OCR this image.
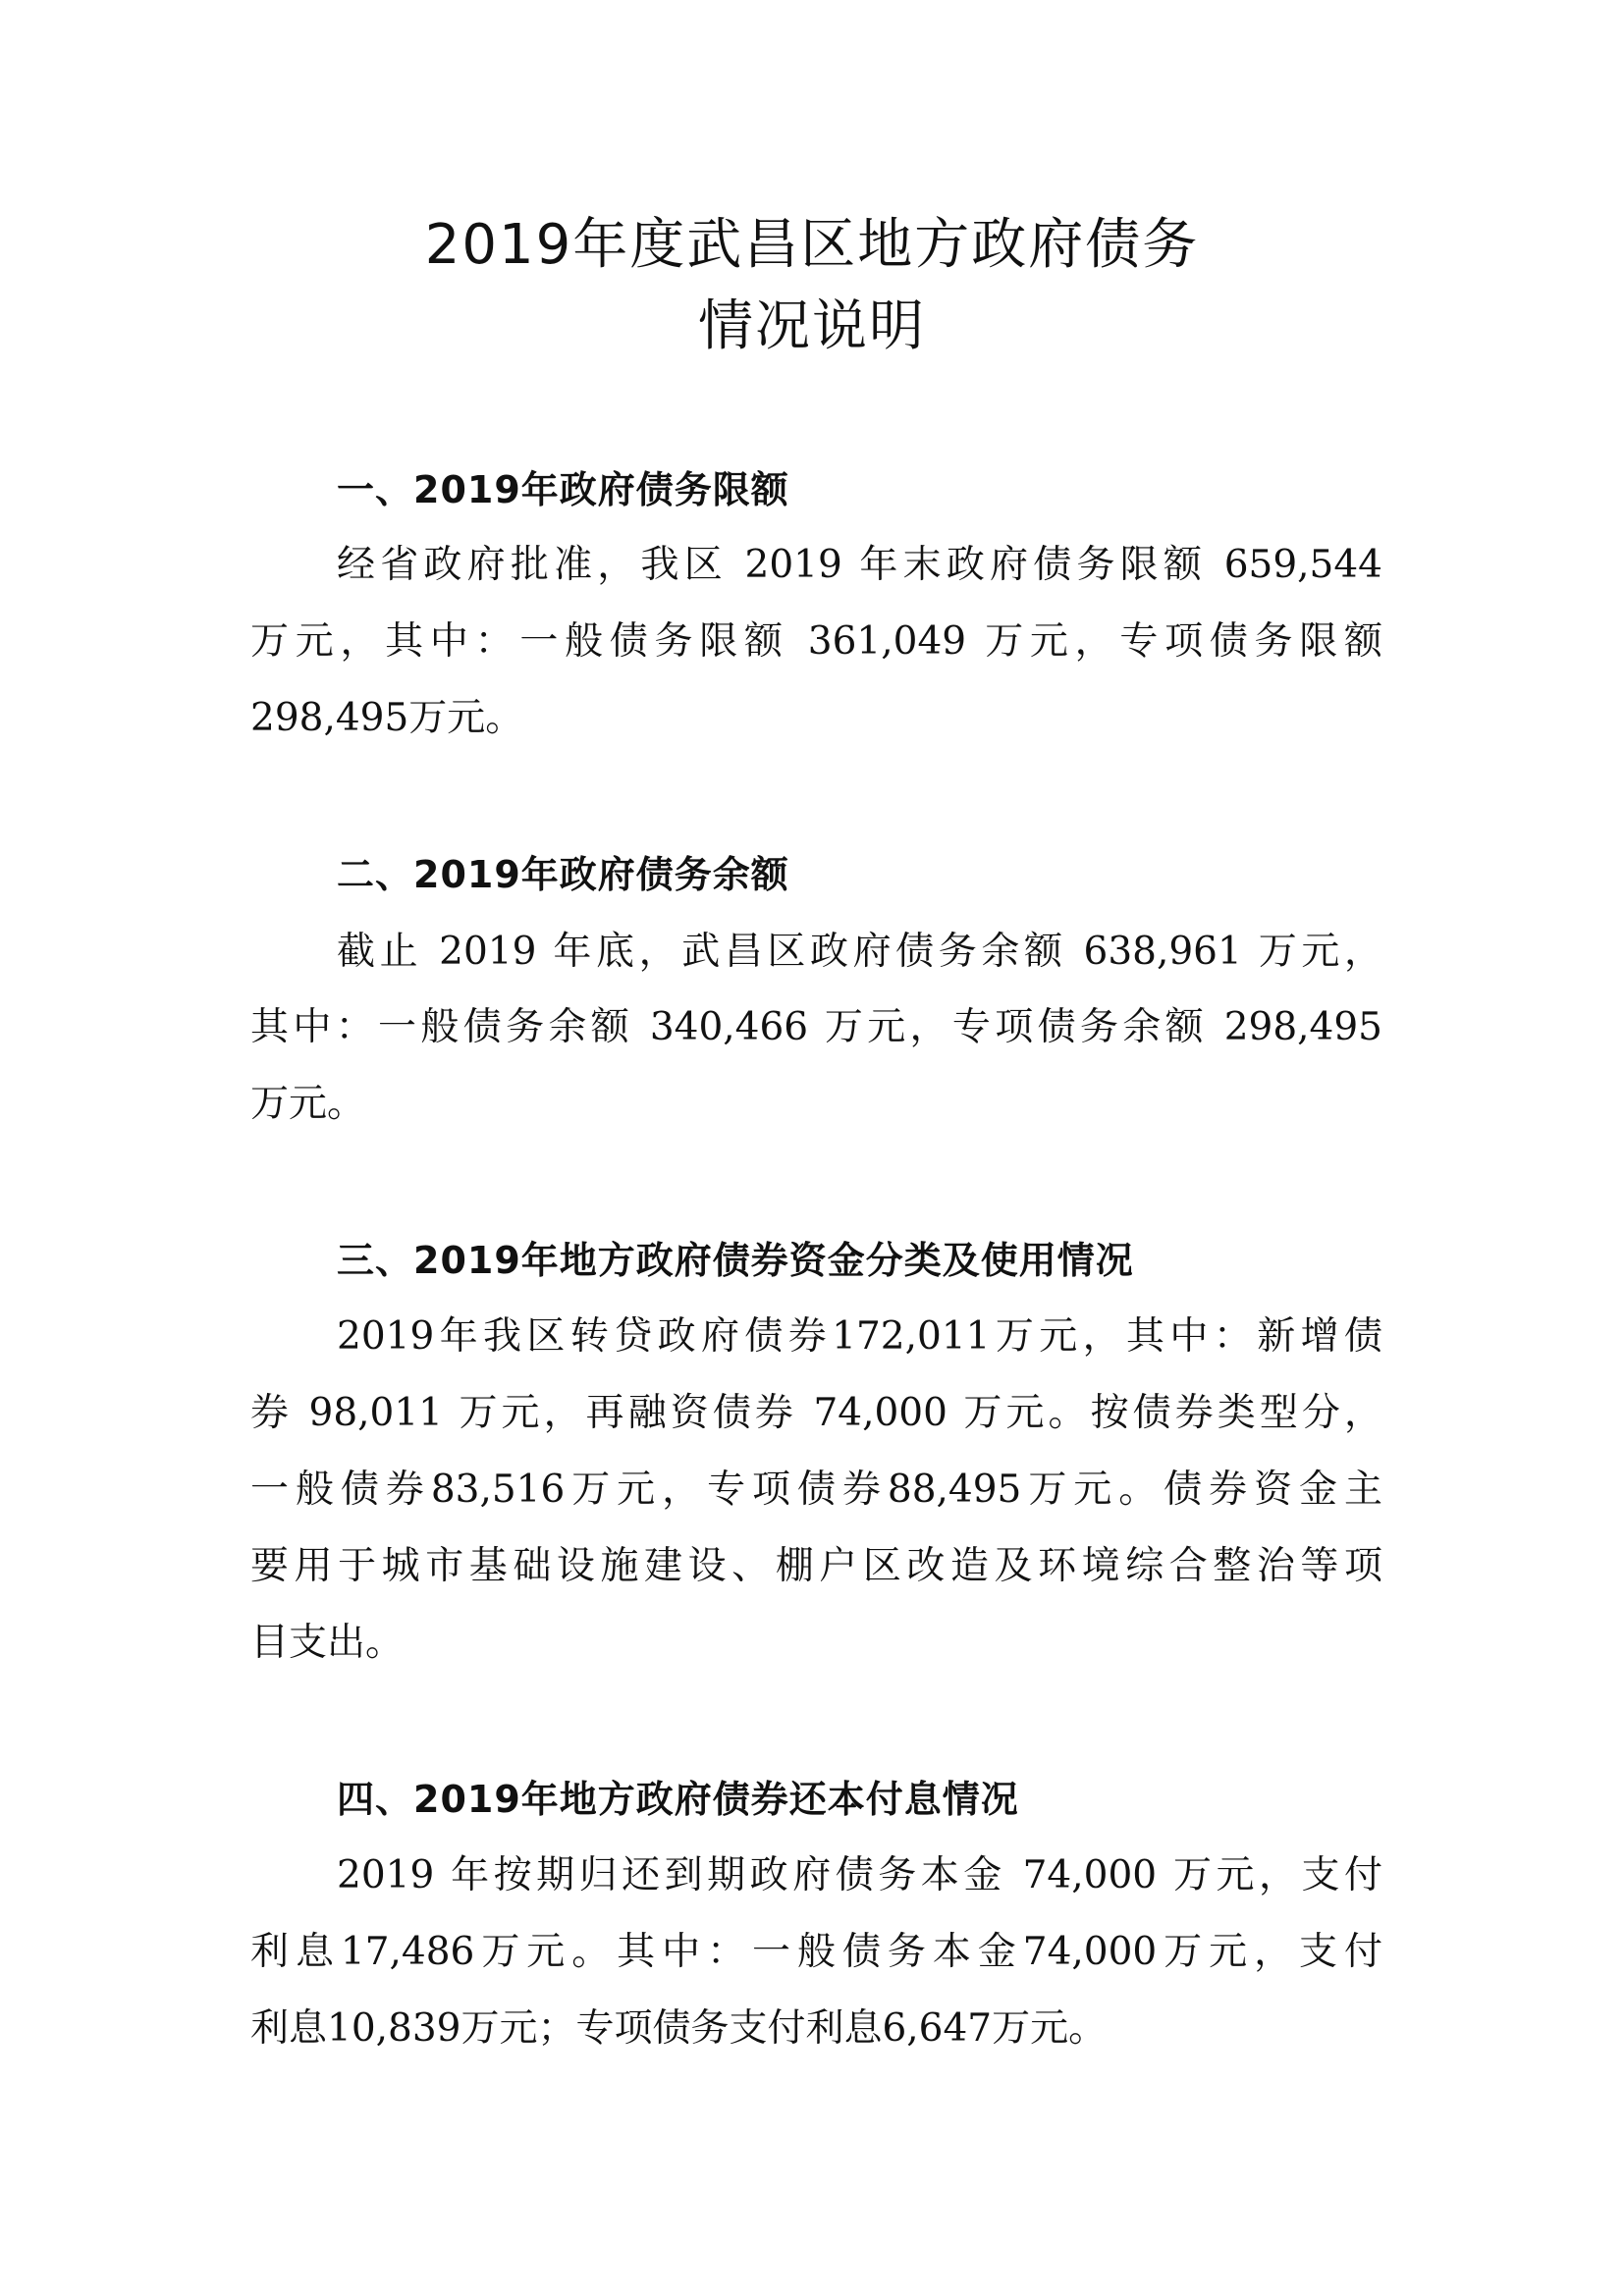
2019年度武昌区地方政府债务
情况说明
一、2019年政府债务限额
经省政府批准，我区 2019 年末政府债务限额 659,544
万元，其中：一般债务限额 361,049 万元，专项债务限额
298,495万元。
二、2019年政府债务余额
截止 2019 年底，武昌区政府债务余额 638,961 万元，
其中：一般债务余额 340,466 万元，专项债务余额 298,495
万元。
三、2019年地方政府债券资金分类及使用情况
2019年我区转贷政府债券172,011万元，其中：新增债
券 98,011 万元，再融资债券 74,000 万元。按债券类型分，
一般债券83,516万元，专项债券88,495万元。债券资金主
要用于城市基础设施建设、棚户区改造及环境综合整治等项
目支出。
四、2019年地方政府债券还本付息情况
2019 年按期归还到期政府债务本金 74,000 万元，支付
利息17,486万元。其中：一般债务本金74,000万元，支付
利息10,839万元；专项债务支付利息6,647万元。
